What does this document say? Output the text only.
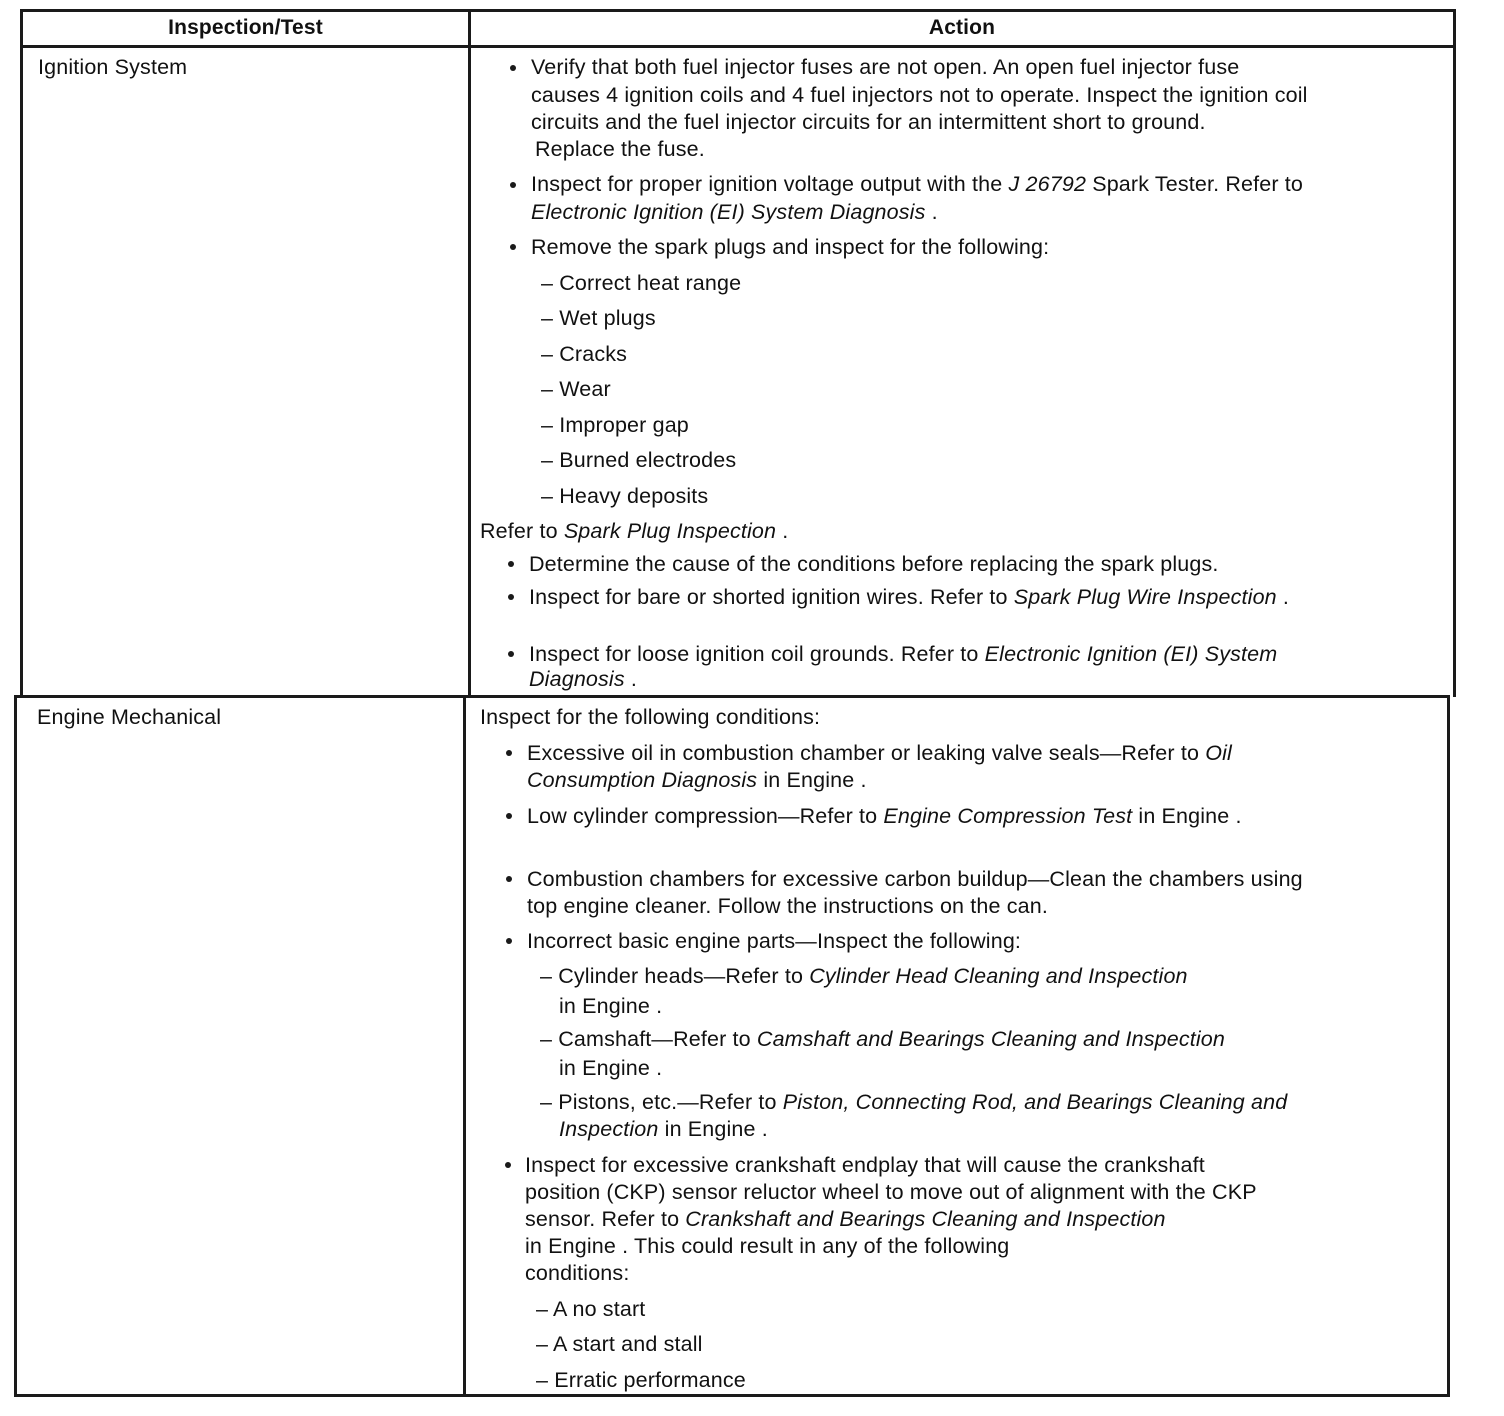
Inspection/Test	Action
Ignition System	Verify that both fuel injector fuses are not open. An open fuel injector fuse
causes 4 ignition coils and 4 fuel injectors not to operate. Inspect the ignition coil
circuits and the fuel injector circuits for an intermittent short to ground.
Replace the fuse.
Inspect for proper ignition voltage output with the J 26792 Spark Tester. Refer to
Electronic Ignition (EI) System Diagnosis .
Remove the spark plugs and inspect for the following:
– Correct heat range
– Wet plugs
– Cracks
– Wear
– Improper gap
– Burned electrodes
– Heavy deposits
Refer to Spark Plug Inspection .
Determine the cause of the conditions before replacing the spark plugs.
Inspect for bare or shorted ignition wires. Refer to Spark Plug Wire Inspection .
Inspect for loose ignition coil grounds. Refer to Electronic Ignition (EI) System
Diagnosis .
Engine Mechanical	Inspect for the following conditions:
Excessive oil in combustion chamber or leaking valve seals—Refer to Oil
Consumption Diagnosis in Engine .
Low cylinder compression—Refer to Engine Compression Test in Engine .
Combustion chambers for excessive carbon buildup—Clean the chambers using
top engine cleaner. Follow the instructions on the can.
Incorrect basic engine parts—Inspect the following:
– Cylinder heads—Refer to Cylinder Head Cleaning and Inspection
in Engine .
– Camshaft—Refer to Camshaft and Bearings Cleaning and Inspection
in Engine .
– Pistons, etc.—Refer to Piston, Connecting Rod, and Bearings Cleaning and
Inspection in Engine .
Inspect for excessive crankshaft endplay that will cause the crankshaft
position (CKP) sensor reluctor wheel to move out of alignment with the CKP
sensor. Refer to Crankshaft and Bearings Cleaning and Inspection
in Engine . This could result in any of the following
conditions:
– A no start
– A start and stall
– Erratic performance
